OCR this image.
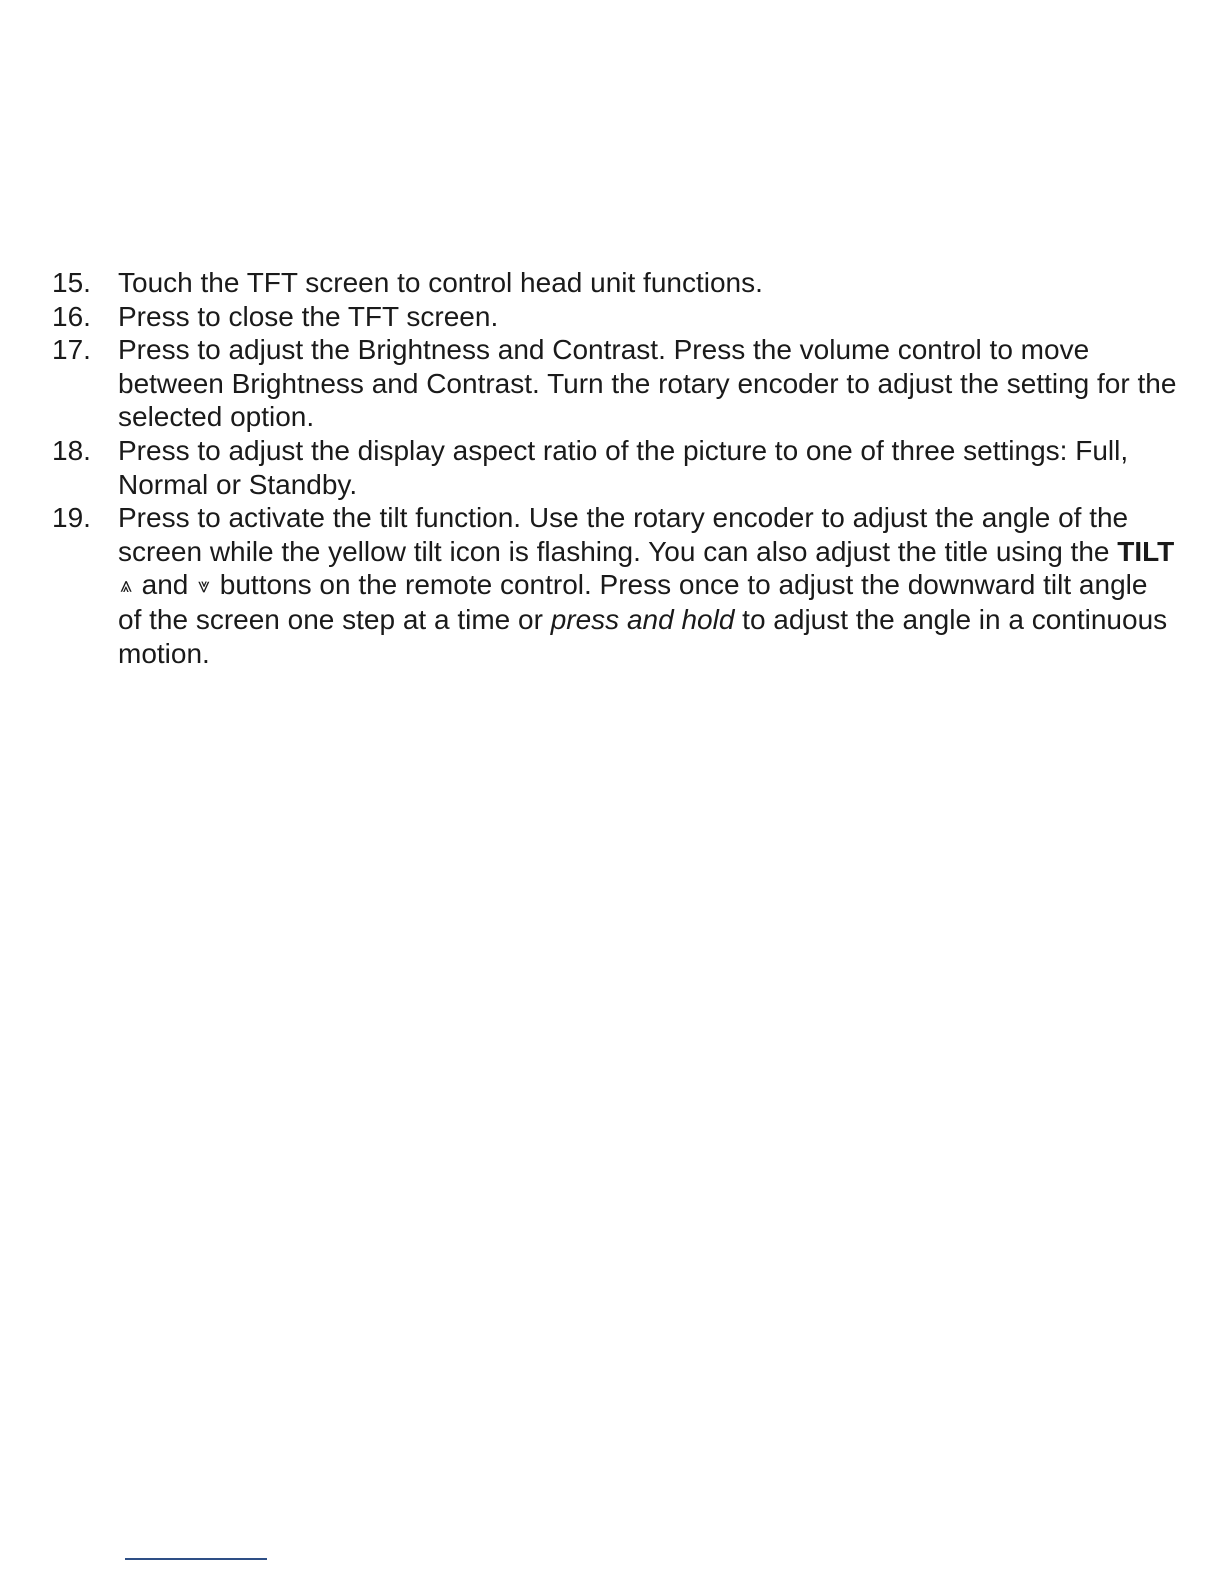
15. Touch the TFT screen to control head unit functions.
16. Press to close the TFT screen.
17. Press to adjust the Brightness and Contrast. Press the volume control to move between Brightness and Contrast. Turn the rotary encoder to adjust the setting for the selected option.
18. Press to adjust the display aspect ratio of the picture to one of three settings: Full, Normal or Standby.
19. Press to activate the tilt function. Use the rotary encoder to adjust the angle of the screen while the yellow tilt icon is flashing. You can also adjust the title using the TILT ⩓ and ⩔ buttons on the remote control. Press once to adjust the downward tilt angle of the screen one step at a time or press and hold to adjust the angle in a continuous motion.
